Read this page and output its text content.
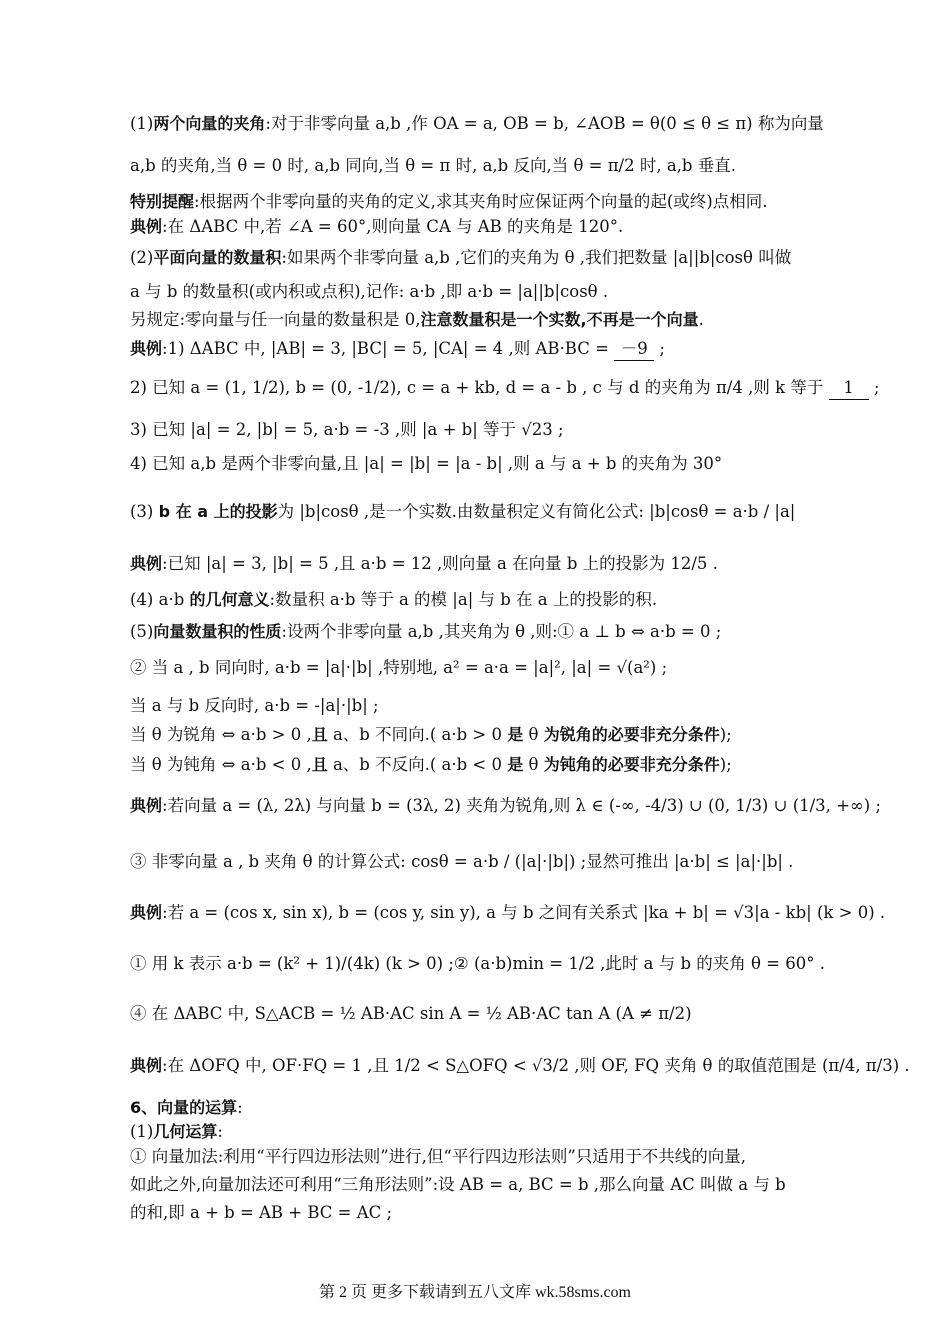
(1)两个向量的夹角:对于非零向量 a,b ,作 OA = a, OB = b, ∠AOB = θ(0 ≤ θ ≤ π) 称为向量
a,b 的夹角,当 θ = 0 时, a,b 同向,当 θ = π 时, a,b 反向,当 θ = π/2 时, a,b 垂直.
特别提醒:根据两个非零向量的夹角的定义,求其夹角时应保证两个向量的起(或终)点相同.
典例:在 ΔABC 中,若 ∠A = 60°,则向量 CA 与 AB 的夹角是 120°.
(2)平面向量的数量积:如果两个非零向量 a,b ,它们的夹角为 θ ,我们把数量 |a||b|cosθ 叫做
a 与 b 的数量积(或内积或点积),记作: a·b ,即 a·b = |a||b|cosθ .
另规定:零向量与任一向量的数量积是 0,注意数量积是一个实数,不再是一个向量.
典例:1) ΔABC 中, |AB| = 3, |BC| = 5, |CA| = 4 ,则 AB·BC = －9 ;
2) 已知 a = (1, 1/2), b = (0, -1/2), c = a + kb, d = a - b , c 与 d 的夹角为 π/4 ,则 k 等于 1 ;
3) 已知 |a| = 2, |b| = 5, a·b = -3 ,则 |a + b| 等于 √23 ;
4) 已知 a,b 是两个非零向量,且 |a| = |b| = |a - b| ,则 a 与 a + b 的夹角为 30°
(3) b 在 a 上的投影为 |b|cosθ ,是一个实数.由数量积定义有简化公式: |b|cosθ = a·b / |a|
典例:已知 |a| = 3, |b| = 5 ,且 a·b = 12 ,则向量 a 在向量 b 上的投影为 12/5 .
(4) a·b 的几何意义:数量积 a·b 等于 a 的模 |a| 与 b 在 a 上的投影的积.
(5)向量数量积的性质:设两个非零向量 a,b ,其夹角为 θ ,则:① a ⊥ b ⇔ a·b = 0 ;
② 当 a , b 同向时, a·b = |a|·|b| ,特别地, a² = a·a = |a|², |a| = √(a²) ;
当 a 与 b 反向时, a·b = -|a|·|b| ;
当 θ 为锐角 ⇔ a·b > 0 ,且 a、b 不同向.( a·b > 0 是 θ 为锐角的必要非充分条件);
当 θ 为钝角 ⇔ a·b < 0 ,且 a、b 不反向.( a·b < 0 是 θ 为钝角的必要非充分条件);
典例:若向量 a = (λ, 2λ) 与向量 b = (3λ, 2) 夹角为锐角,则 λ ∈ (-∞, -4/3) ∪ (0, 1/3) ∪ (1/3, +∞) ;
③ 非零向量 a , b 夹角 θ 的计算公式: cosθ = a·b / (|a|·|b|) ;显然可推出 |a·b| ≤ |a|·|b| .
典例:若 a = (cos x, sin x), b = (cos y, sin y), a 与 b 之间有关系式 |ka + b| = √3|a - kb| (k > 0) .
① 用 k 表示 a·b = (k² + 1)/(4k) (k > 0) ;② (a·b)min = 1/2 ,此时 a 与 b 的夹角 θ = 60° .
④ 在 ΔABC 中, S△ACB = ½ AB·AC sin A = ½ AB·AC tan A (A ≠ π/2)
典例:在 ΔOFQ 中, OF·FQ = 1 ,且 1/2 < S△OFQ < √3/2 ,则 OF, FQ 夹角 θ 的取值范围是 (π/4, π/3) .
6、向量的运算:
(1)几何运算:
① 向量加法:利用“平行四边形法则”进行,但“平行四边形法则”只适用于不共线的向量,
如此之外,向量加法还可利用“三角形法则”:设 AB = a, BC = b ,那么向量 AC 叫做 a 与 b
的和,即 a + b = AB + BC = AC ;
第 2 页 更多下载请到五八文库 wk.58sms.com
